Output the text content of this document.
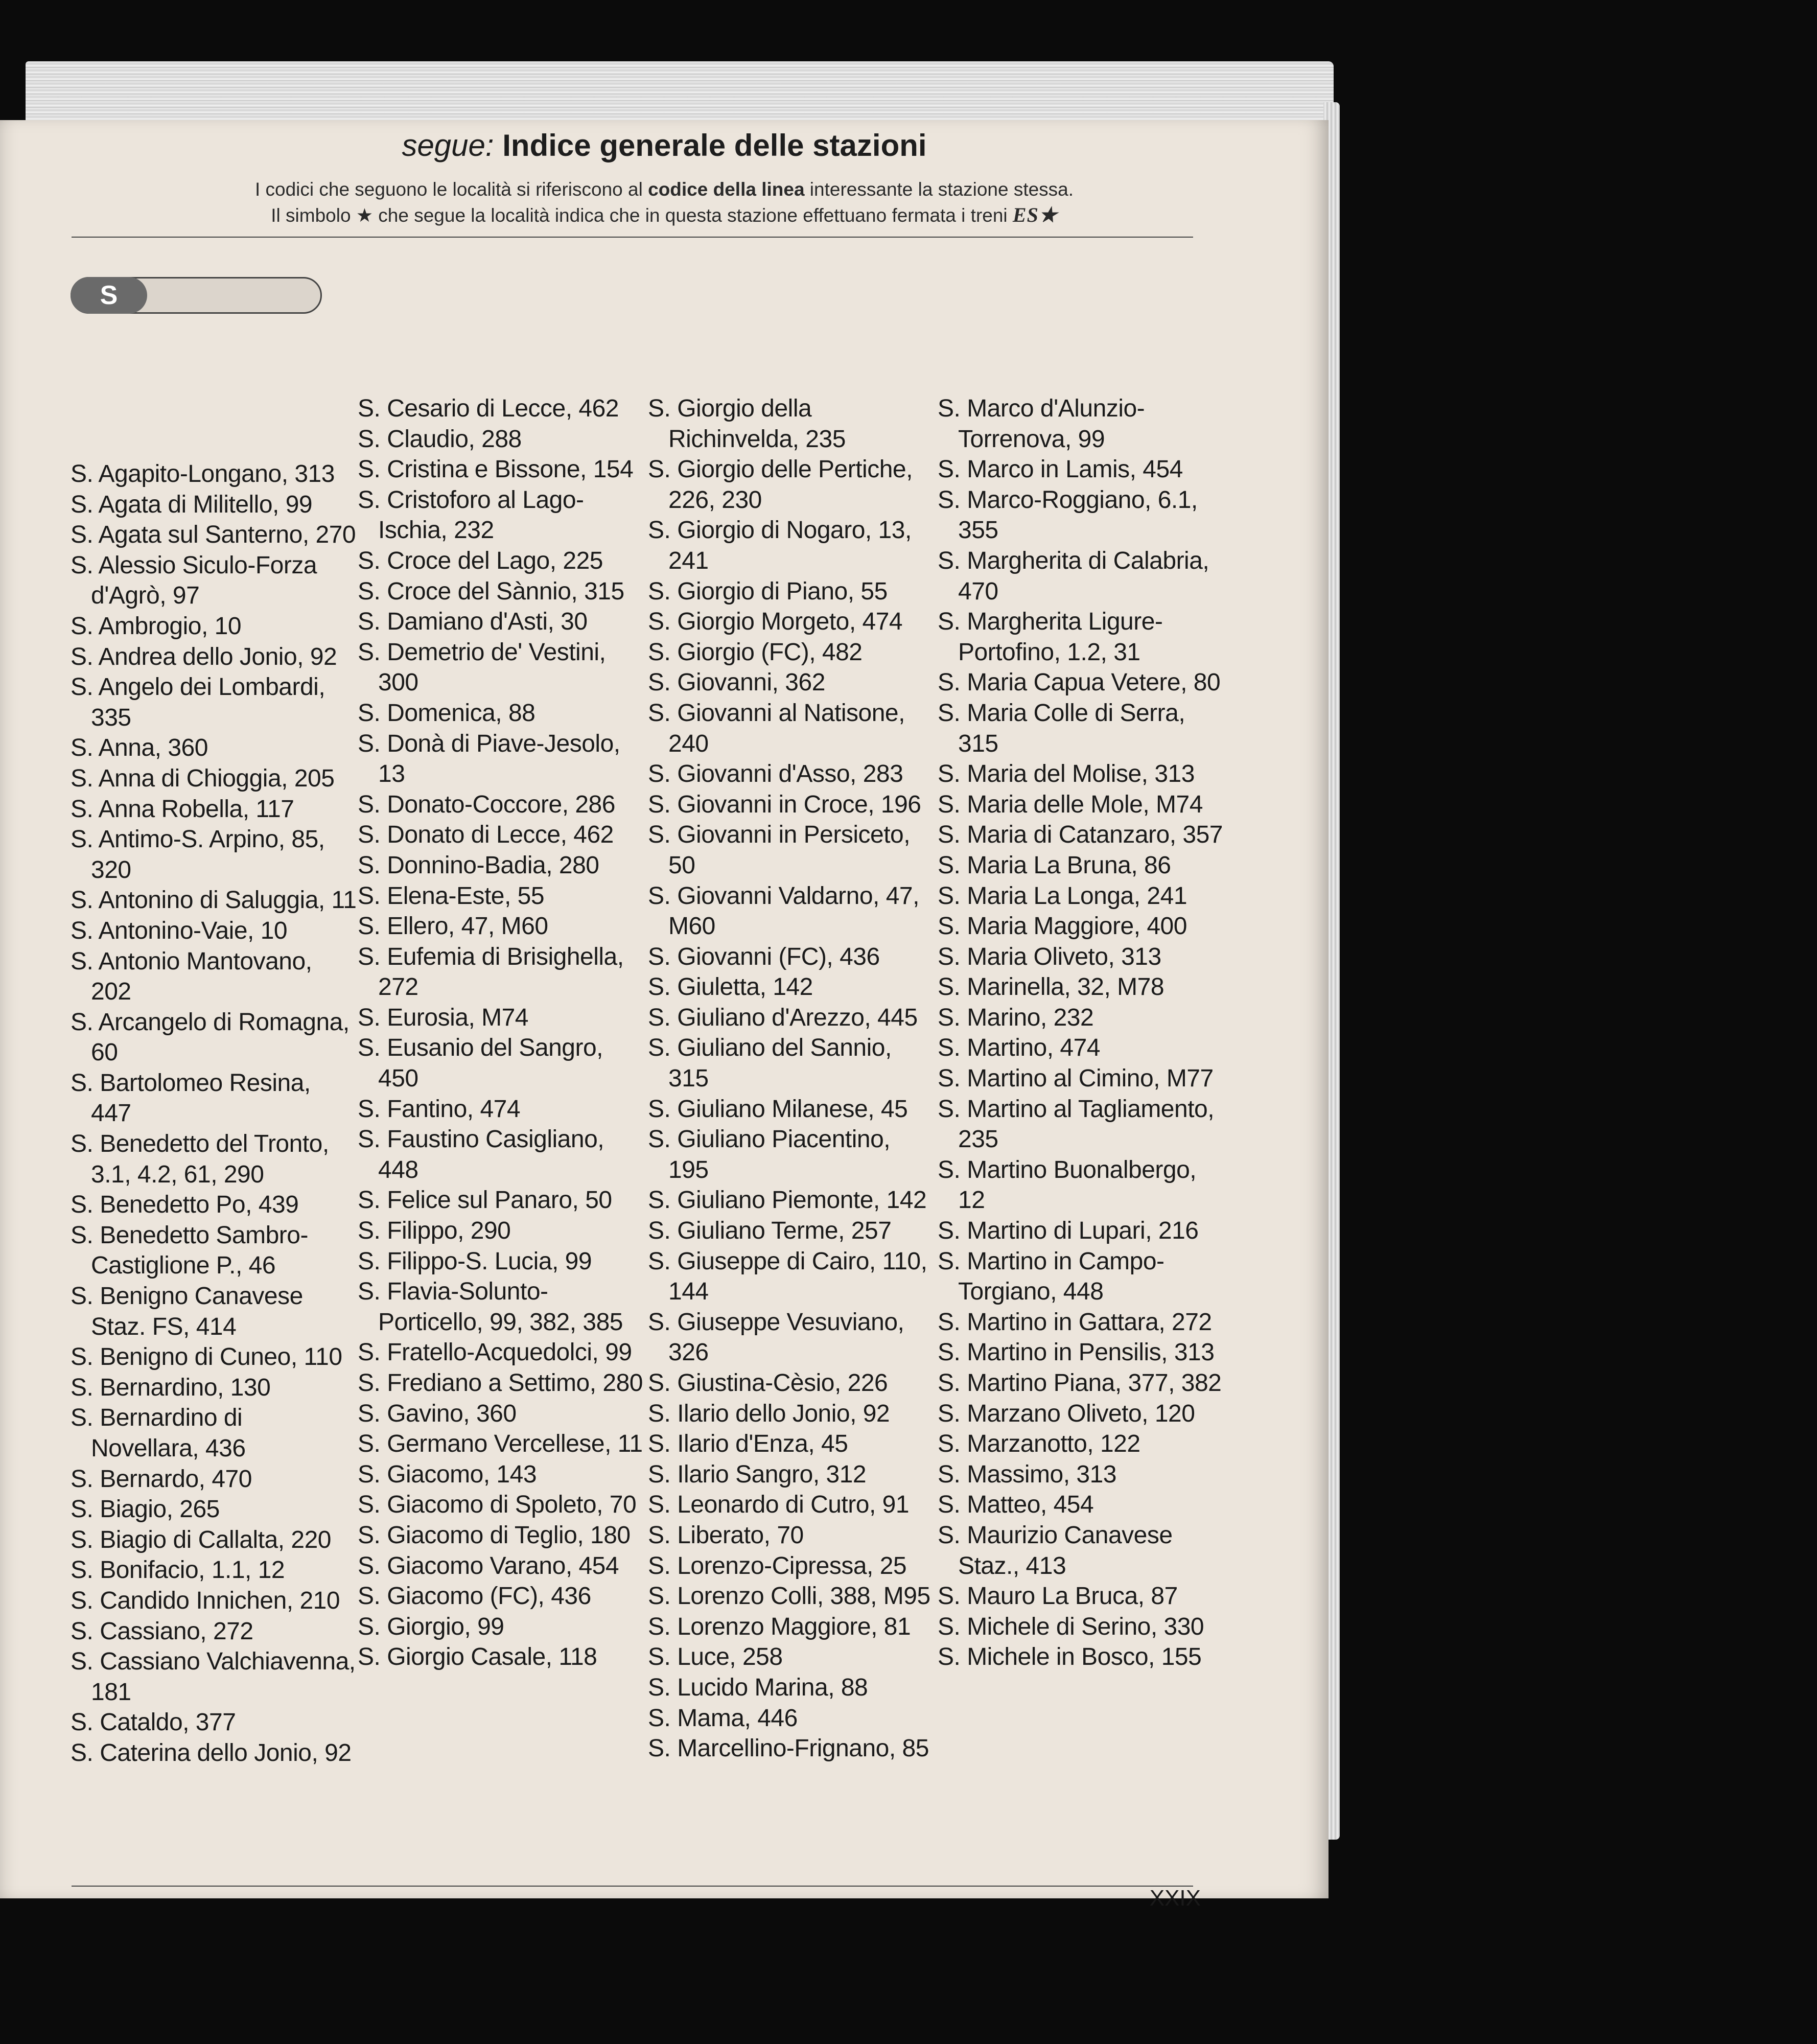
segue: Indice generale delle stazioni
I codici che seguono le località si riferiscono al codice della linea interessante la stazione stessa.
Il simbolo ★ che segue la località indica che in questa stazione effettuano fermata i treni ES★
S
S. Agapito-Longano, 313
S. Agata di Militello, 99
S. Agata sul Santerno, 270
S. Alessio Siculo-Forza d'Agrò, 97
S. Ambrogio, 10
S. Andrea dello Jonio, 92
S. Angelo dei Lombardi, 335
S. Anna, 360
S. Anna di Chioggia, 205
S. Anna Robella, 117
S. Antimo-S. Arpino, 85, 320
S. Antonino di Saluggia, 11
S. Antonino-Vaie, 10
S. Antonio Mantovano, 202
S. Arcangelo di Romagna, 60
S. Bartolomeo Resina, 447
S. Benedetto del Tronto, 3.1, 4.2, 61, 290
S. Benedetto Po, 439
S. Benedetto Sambro-Castiglione P., 46
S. Benigno Canavese Staz. FS, 414
S. Benigno di Cuneo, 110
S. Bernardino, 130
S. Bernardino di Novellara, 436
S. Bernardo, 470
S. Biagio, 265
S. Biagio di Callalta, 220
S. Bonifacio, 1.1, 12
S. Candido Innichen, 210
S. Cassiano, 272
S. Cassiano Valchiavenna, 181
S. Cataldo, 377
S. Caterina dello Jonio, 92
S. Cesario di Lecce, 462
S. Claudio, 288
S. Cristina e Bissone, 154
S. Cristoforo al Lago-Ischia, 232
S. Croce del Lago, 225
S. Croce del Sànnio, 315
S. Damiano d'Asti, 30
S. Demetrio de' Vestini, 300
S. Domenica, 88
S. Donà di Piave-Jesolo, 13
S. Donato-Coccore, 286
S. Donato di Lecce, 462
S. Donnino-Badia, 280
S. Elena-Este, 55
S. Ellero, 47, M60
S. Eufemia di Brisighella, 272
S. Eurosia, M74
S. Eusanio del Sangro, 450
S. Fantino, 474
S. Faustino Casigliano, 448
S. Felice sul Panaro, 50
S. Filippo, 290
S. Filippo-S. Lucia, 99
S. Flavia-Solunto-Porticello, 99, 382, 385
S. Fratello-Acquedolci, 99
S. Frediano a Settimo, 280
S. Gavino, 360
S. Germano Vercellese, 11
S. Giacomo, 143
S. Giacomo di Spoleto, 70
S. Giacomo di Teglio, 180
S. Giacomo Varano, 454
S. Giacomo (FC), 436
S. Giorgio, 99
S. Giorgio Casale, 118
S. Giorgio della Richinvelda, 235
S. Giorgio delle Pertiche, 226, 230
S. Giorgio di Nogaro, 13, 241
S. Giorgio di Piano, 55
S. Giorgio Morgeto, 474
S. Giorgio (FC), 482
S. Giovanni, 362
S. Giovanni al Natisone, 240
S. Giovanni d'Asso, 283
S. Giovanni in Croce, 196
S. Giovanni in Persiceto, 50
S. Giovanni Valdarno, 47, M60
S. Giovanni (FC), 436
S. Giuletta, 142
S. Giuliano d'Arezzo, 445
S. Giuliano del Sannio, 315
S. Giuliano Milanese, 45
S. Giuliano Piacentino, 195
S. Giuliano Piemonte, 142
S. Giuliano Terme, 257
S. Giuseppe di Cairo, 110, 144
S. Giuseppe Vesuviano, 326
S. Giustina-Cèsio, 226
S. Ilario dello Jonio, 92
S. Ilario d'Enza, 45
S. Ilario Sangro, 312
S. Leonardo di Cutro, 91
S. Liberato, 70
S. Lorenzo-Cipressa, 25
S. Lorenzo Colli, 388, M95
S. Lorenzo Maggiore, 81
S. Luce, 258
S. Lucido Marina, 88
S. Mama, 446
S. Marcellino-Frignano, 85
S. Marco d'Alunzio-Torrenova, 99
S. Marco in Lamis, 454
S. Marco-Roggiano, 6.1, 355
S. Margherita di Calabria, 470
S. Margherita Ligure-Portofino, 1.2, 31
S. Maria Capua Vetere, 80
S. Maria Colle di Serra, 315
S. Maria del Molise, 313
S. Maria delle Mole, M74
S. Maria di Catanzaro, 357
S. Maria La Bruna, 86
S. Maria La Longa, 241
S. Maria Maggiore, 400
S. Maria Oliveto, 313
S. Marinella, 32, M78
S. Marino, 232
S. Martino, 474
S. Martino al Cimino, M77
S. Martino al Tagliamento, 235
S. Martino Buonalbergo, 12
S. Martino di Lupari, 216
S. Martino in Campo-Torgiano, 448
S. Martino in Gattara, 272
S. Martino in Pensilis, 313
S. Martino Piana, 377, 382
S. Marzano Oliveto, 120
S. Marzanotto, 122
S. Massimo, 313
S. Matteo, 454
S. Maurizio Canavese Staz., 413
S. Mauro La Bruca, 87
S. Michele di Serino, 330
S. Michele in Bosco, 155
XXIX
